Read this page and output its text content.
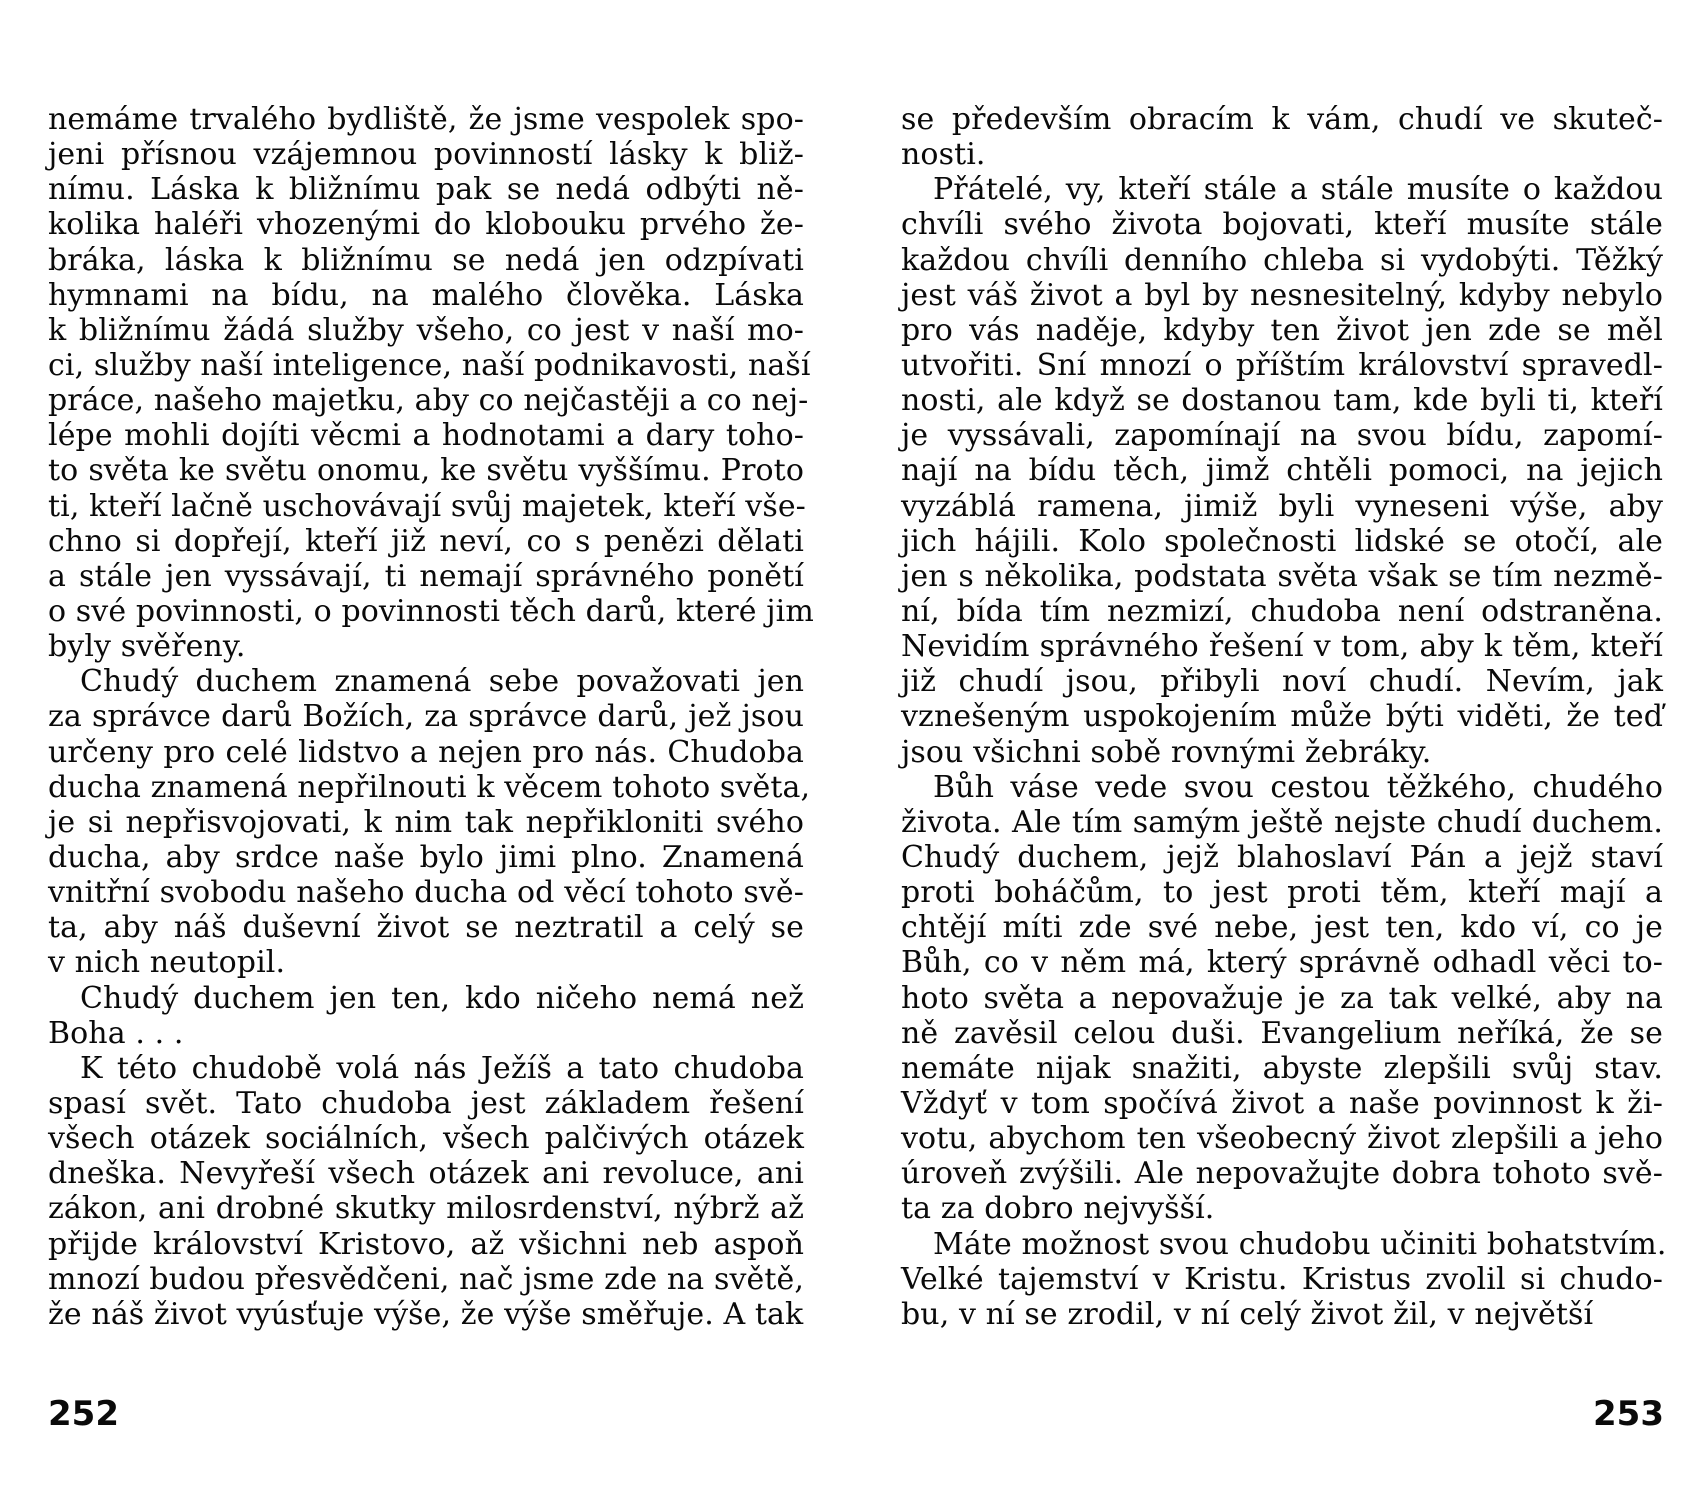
nemáme trvalého bydliště, že jsme vespolek spo-
jeni přísnou vzájemnou povinností lásky k bliž-
nímu. Láska k bližnímu pak se nedá odbýti ně-
kolika haléři vhozenými do klobouku prvého že-
bráka, láska k bližnímu se nedá jen odzpívati
hymnami na bídu, na malého člověka. Láska
k bližnímu žádá služby všeho, co jest v naší mo-
ci, služby naší inteligence, naší podnikavosti, naší
práce, našeho majetku, aby co nejčastěji a co nej-
lépe mohli dojíti věcmi a hodnotami a dary toho-
to světa ke světu onomu, ke světu vyššímu. Proto
ti, kteří lačně uschovávají svůj majetek, kteří vše-
chno si dopřejí, kteří již neví, co s penězi dělati
a stále jen vyssávají, ti nemají správného ponětí
o své povinnosti, o povinnosti těch darů, které jim
byly svěřeny.
Chudý duchem znamená sebe považovati jen
za správce darů Božích, za správce darů, jež jsou
určeny pro celé lidstvo a nejen pro nás. Chudoba
ducha znamená nepřilnouti k věcem tohoto světa,
je si nepřisvojovati, k nim tak nepřikloniti svého
ducha, aby srdce naše bylo jimi plno. Znamená
vnitřní svobodu našeho ducha od věcí tohoto svě-
ta, aby náš duševní život se neztratil a celý se
v nich neutopil.
Chudý duchem jen ten, kdo ničeho nemá než
Boha . . .
K této chudobě volá nás Ježíš a tato chudoba
spasí svět. Tato chudoba jest základem řešení
všech otázek sociálních, všech palčivých otázek
dneška. Nevyřeší všech otázek ani revoluce, ani
zákon, ani drobné skutky milosrdenství, nýbrž až
přijde království Kristovo, až všichni neb aspoň
mnozí budou přesvědčeni, nač jsme zde na světě,
že náš život vyúsťuje výše, že výše směřuje. A tak
252
se především obracím k vám, chudí ve skuteč-
nosti.
Přátelé, vy, kteří stále a stále musíte o každou
chvíli svého života bojovati, kteří musíte stále
každou chvíli denního chleba si vydobýti. Těžký
jest váš život a byl by nesnesitelný, kdyby nebylo
pro vás naděje, kdyby ten život jen zde se měl
utvořiti. Sní mnozí o příštím království spravedl-
nosti, ale když se dostanou tam, kde byli ti, kteří
je vyssávali, zapomínají na svou bídu, zapomí-
nají na bídu těch, jimž chtěli pomoci, na jejich
vyzáblá ramena, jimiž byli vyneseni výše, aby
jich hájili. Kolo společnosti lidské se otočí, ale
jen s několika, podstata světa však se tím nezmě-
ní, bída tím nezmizí, chudoba není odstraněna.
Nevidím správného řešení v tom, aby k těm, kteří
již chudí jsou, přibyli noví chudí. Nevím, jak
vznešeným uspokojením může býti viděti, že teď
jsou všichni sobě rovnými žebráky.
Bůh váse vede svou cestou těžkého, chudého
života. Ale tím samým ještě nejste chudí duchem.
Chudý duchem, jejž blahoslaví Pán a jejž staví
proti boháčům, to jest proti těm, kteří mají a
chtějí míti zde své nebe, jest ten, kdo ví, co je
Bůh, co v něm má, který správně odhadl věci to-
hoto světa a nepovažuje je za tak velké, aby na
ně zavěsil celou duši. Evangelium neříká, že se
nemáte nijak snažiti, abyste zlepšili svůj stav.
Vždyť v tom spočívá život a naše povinnost k ži-
votu, abychom ten všeobecný život zlepšili a jeho
úroveň zvýšili. Ale nepovažujte dobra tohoto svě-
ta za dobro nejvyšší.
Máte možnost svou chudobu učiniti bohatstvím.
Velké tajemství v Kristu. Kristus zvolil si chudo-
bu, v ní se zrodil, v ní celý život žil, v největší
253
